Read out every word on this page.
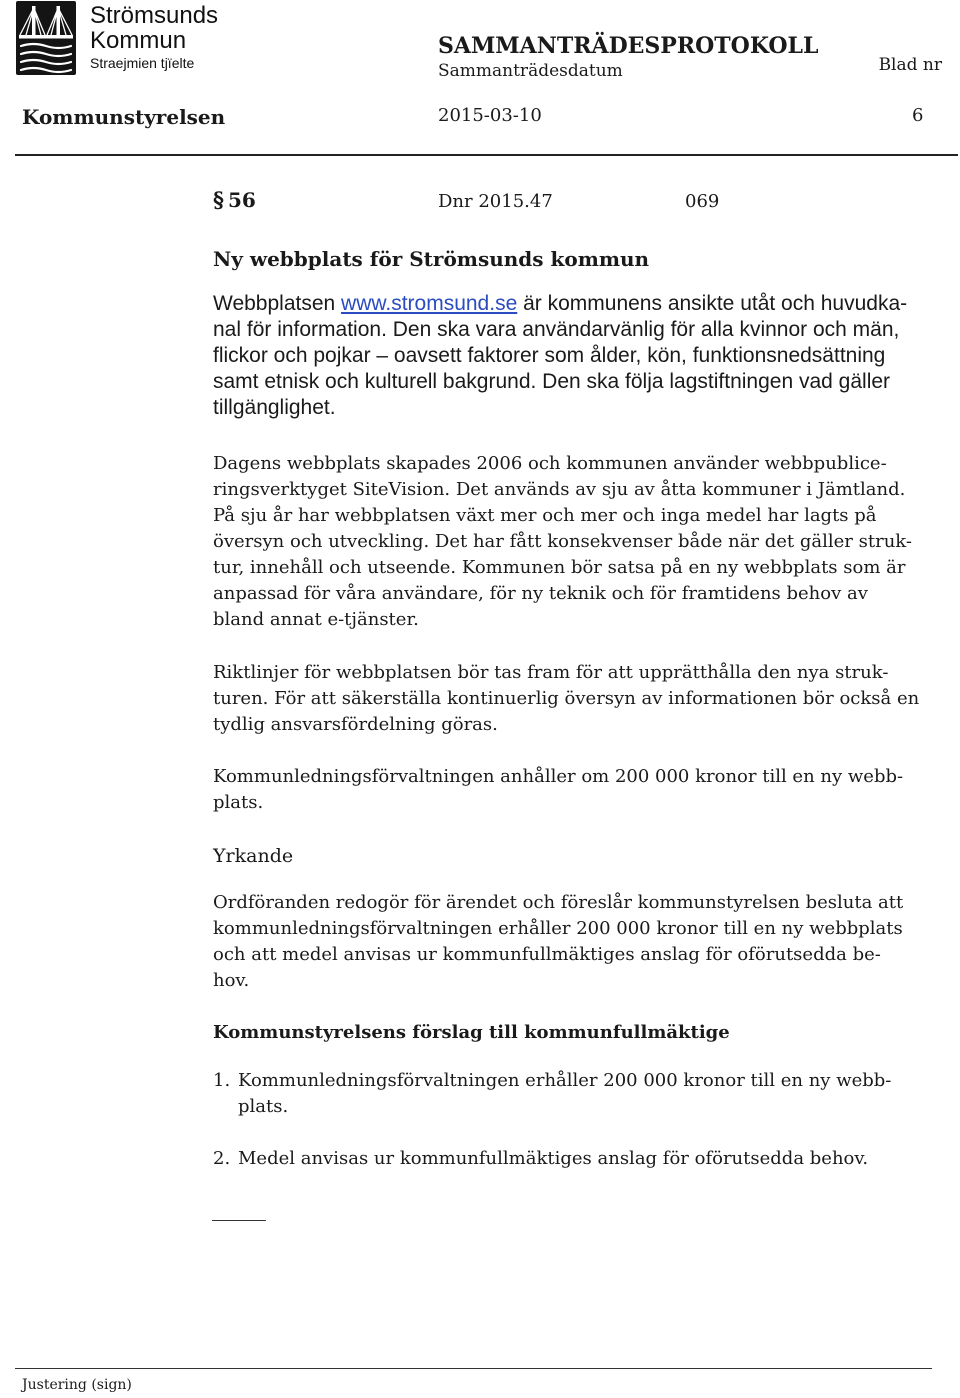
Strömsunds
Kommun
Straejmien tjïelte
SAMMANTRÄDESPROTOKOLL
Sammanträdesdatum	Blad nr
Kommunstyrelsen	2015-03-10	6
§ 56	Dnr 2015.47	069
Ny webbplats för Strömsunds kommun
Webbplatsen www.stromsund.se är kommunens ansikte utåt och huvudka-
nal för information. Den ska vara användarvänlig för alla kvinnor och män,
flickor och pojkar – oavsett faktorer som ålder, kön, funktionsnedsättning
samt etnisk och kulturell bakgrund. Den ska följa lagstiftningen vad gäller
tillgänglighet.
Dagens webbplats skapades 2006 och kommunen använder webbpublice-
ringsverktyget SiteVision. Det används av sju av åtta kommuner i Jämtland.
På sju år har webbplatsen växt mer och mer och inga medel har lagts på
översyn och utveckling. Det har fått konsekvenser både när det gäller struk-
tur, innehåll och utseende. Kommunen bör satsa på en ny webbplats som är
anpassad för våra användare, för ny teknik och för framtidens behov av
bland annat e-tjänster.
Riktlinjer för webbplatsen bör tas fram för att upprätthålla den nya struk-
turen. För att säkerställa kontinuerlig översyn av informationen bör också en
tydlig ansvarsfördelning göras.
Kommunledningsförvaltningen anhåller om 200 000 kronor till en ny webb-
plats.
Yrkande
Ordföranden redogör för ärendet och föreslår kommunstyrelsen besluta att
kommunledningsförvaltningen erhåller 200 000 kronor till en ny webbplats
och att medel anvisas ur kommunfullmäktiges anslag för oförutsedda be-
hov.
Kommunstyrelsens förslag till kommunfullmäktige
1. Kommunledningsförvaltningen erhåller 200 000 kronor till en ny webb-
plats.
2. Medel anvisas ur kommunfullmäktiges anslag för oförutsedda behov.
Justering (sign)
